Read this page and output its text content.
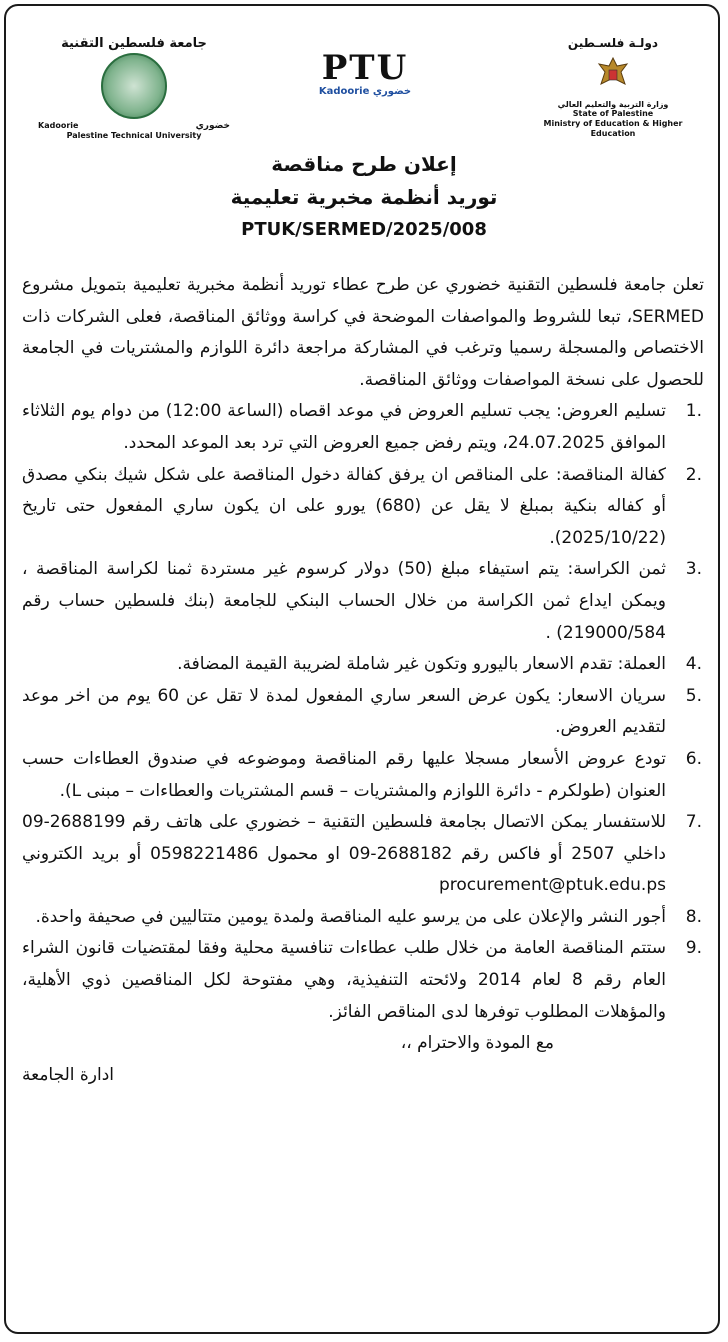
دولـة فلسـطين
وزارة التربية والتعليم العالي
State of Palestine
Ministry of Education & Higher Education
PTU
Kadoorie خضوري
جامعة فلسطين التقنية
Kadoorie	خضوري
Palestine Technical University
إعلان طرح مناقصة
توريد أنظمة مخبرية تعليمية
PTUK/SERMED/2025/008

تعلن جامعة فلسطين التقنية خضوري عن طرح عطاء توريد أنظمة مخبرية تعليمية بتمويل مشروع SERMED، تبعا للشروط والمواصفات الموضحة في كراسة ووثائق المناقصة، فعلى الشركات ذات الاختصاص والمسجلة رسميا وترغب في المشاركة مراجعة دائرة اللوازم والمشتريات في الجامعة للحصول على نسخة المواصفات ووثائق المناقصة.

1.
تسليم العروض: يجب تسليم العروض في موعد اقصاه (الساعة 12:00) من دوام يوم الثلاثاء الموافق 24.07.2025، ويتم رفض جميع العروض التي ترد بعد الموعد المحدد.
2.
كفالة المناقصة: على المناقص ان يرفق كفالة دخول المناقصة على شكل شيك بنكي مصدق أو كفاله بنكية بمبلغ لا يقل عن (680) يورو على ان يكون ساري المفعول حتى تاريخ (2025/10/22).
3.
ثمن الكراسة: يتم استيفاء مبلغ (50) دولار كرسوم غير مستردة ثمنا لكراسة المناقصة ، ويمكن ايداع ثمن الكراسة من خلال الحساب البنكي للجامعة (بنك فلسطين حساب رقم 219000/584) .
4.
العملة: تقدم الاسعار باليورو وتكون غير شاملة لضريبة القيمة المضافة.
5.
سريان الاسعار: يكون عرض السعر ساري المفعول لمدة لا تقل عن 60 يوم من اخر موعد لتقديم العروض.
6.
تودع عروض الأسعار مسجلا عليها رقم المناقصة وموضوعه في صندوق العطاءات حسب العنوان (طولكرم - دائرة اللوازم والمشتريات – قسم المشتريات والعطاءات – مبنى L).
7.
للاستفسار يمكن الاتصال بجامعة فلسطين التقنية – خضوري على هاتف رقم 2688199-09 داخلي 2507 أو فاكس رقم 2688182-09 او محمول 0598221486 أو بريد الكتروني procurement@ptuk.edu.ps
8.
أجور النشر والإعلان على من يرسو عليه المناقصة ولمدة يومين متتاليين في صحيفة واحدة.
9.
ستتم المناقصة العامة من خلال طلب عطاءات تنافسية محلية وفقا لمقتضيات قانون الشراء العام رقم 8 لعام 2014 ولائحته التنفيذية، وهي مفتوحة لكل المناقصين ذوي الأهلية، والمؤهلات المطلوب توفرها لدى المناقص الفائز.

مع المودة والاحترام ،،

ادارة الجامعة
